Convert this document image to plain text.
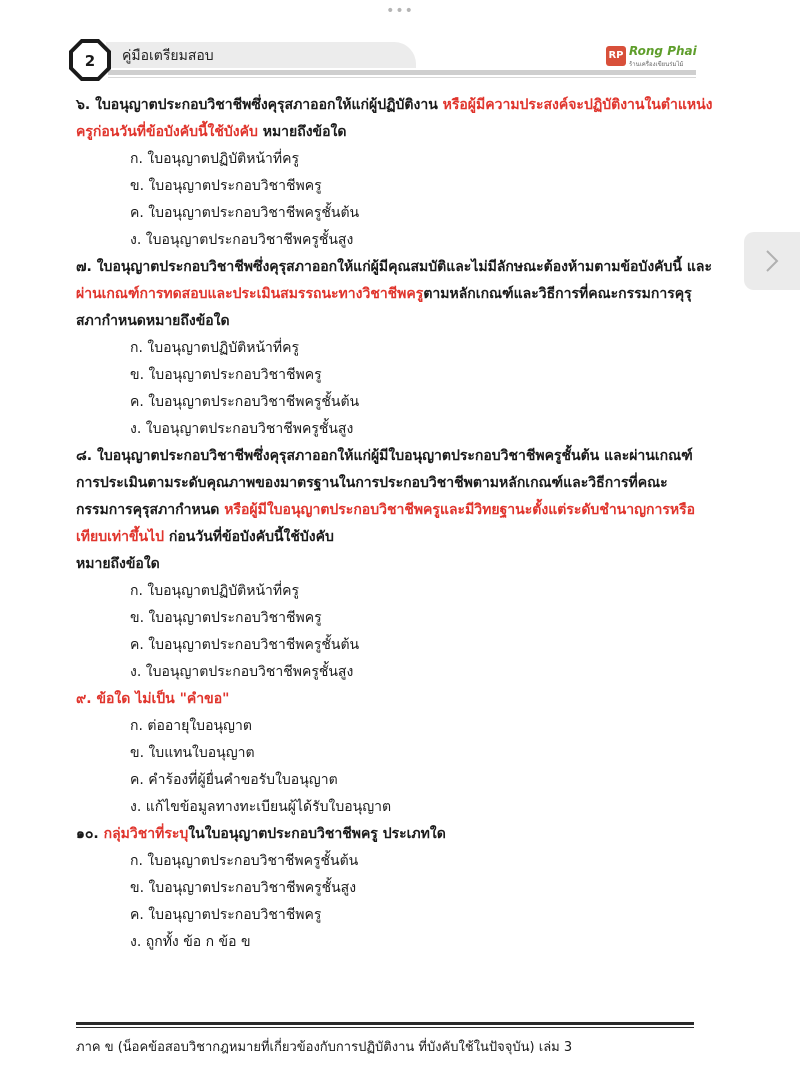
•••
2 คู่มือเตรียมสอบ	RP Rong Phai
ร้านเครื่องเขียนร่มไม้
๖. ใบอนุญาตประกอบวิชาชีพซึ่งคุรุสภาออกให้แก่ผู้ปฏิบัติงาน หรือผู้มีความประสงค์จะปฏิบัติงานในตำแหน่งครูก่อนวันที่ข้อบังคับนี้ใช้บังคับ หมายถึงข้อใด
ก. ใบอนุญาตปฏิบัติหน้าที่ครู
ข. ใบอนุญาตประกอบวิชาชีพครู
ค. ใบอนุญาตประกอบวิชาชีพครูชั้นต้น
ง. ใบอนุญาตประกอบวิชาชีพครูชั้นสูง
๗. ใบอนุญาตประกอบวิชาชีพซึ่งคุรุสภาออกให้แก่ผู้มีคุณสมบัติและไม่มีลักษณะต้องห้ามตามข้อบังคับนี้ และผ่านเกณฑ์การทดสอบและประเมินสมรรถนะทางวิชาชีพครูตามหลักเกณฑ์และวิธีการที่คณะกรรมการคุรุสภากำหนดหมายถึงข้อใด
ก. ใบอนุญาตปฏิบัติหน้าที่ครู
ข. ใบอนุญาตประกอบวิชาชีพครู
ค. ใบอนุญาตประกอบวิชาชีพครูชั้นต้น
ง. ใบอนุญาตประกอบวิชาชีพครูชั้นสูง
๘. ใบอนุญาตประกอบวิชาชีพซึ่งคุรุสภาออกให้แก่ผู้มีใบอนุญาตประกอบวิชาชีพครูชั้นต้น และผ่านเกณฑ์การประเมินตามระดับคุณภาพของมาตรฐานในการประกอบวิชาชีพตามหลักเกณฑ์และวิธีการที่คณะกรรมการคุรุสภากำหนด หรือผู้มีใบอนุญาตประกอบวิชาชีพครูและมีวิทยฐานะตั้งแต่ระดับชำนาญการหรือเทียบเท่าขึ้นไป ก่อนวันที่ข้อบังคับนี้ใช้บังคับ
หมายถึงข้อใด
ก. ใบอนุญาตปฏิบัติหน้าที่ครู
ข. ใบอนุญาตประกอบวิชาชีพครู
ค. ใบอนุญาตประกอบวิชาชีพครูชั้นต้น
ง. ใบอนุญาตประกอบวิชาชีพครูชั้นสูง
๙. ข้อใด ไม่เป็น "คำขอ"
ก. ต่ออายุใบอนุญาต
ข. ใบแทนใบอนุญาต
ค. คำร้องที่ผู้ยื่นคำขอรับใบอนุญาต
ง. แก้ไขข้อมูลทางทะเบียนผู้ได้รับใบอนุญาต
๑๐. กลุ่มวิชาที่ระบุในใบอนุญาตประกอบวิชาชีพครู ประเภทใด
ก. ใบอนุญาตประกอบวิชาชีพครูชั้นต้น
ข. ใบอนุญาตประกอบวิชาชีพครูชั้นสูง
ค. ใบอนุญาตประกอบวิชาชีพครู
ง. ถูกทั้ง ข้อ ก ข้อ ข
ภาค ข (น็อคข้อสอบวิชากฎหมายที่เกี่ยวข้องกับการปฏิบัติงาน ที่บังคับใช้ในปัจจุบัน) เล่ม 3
